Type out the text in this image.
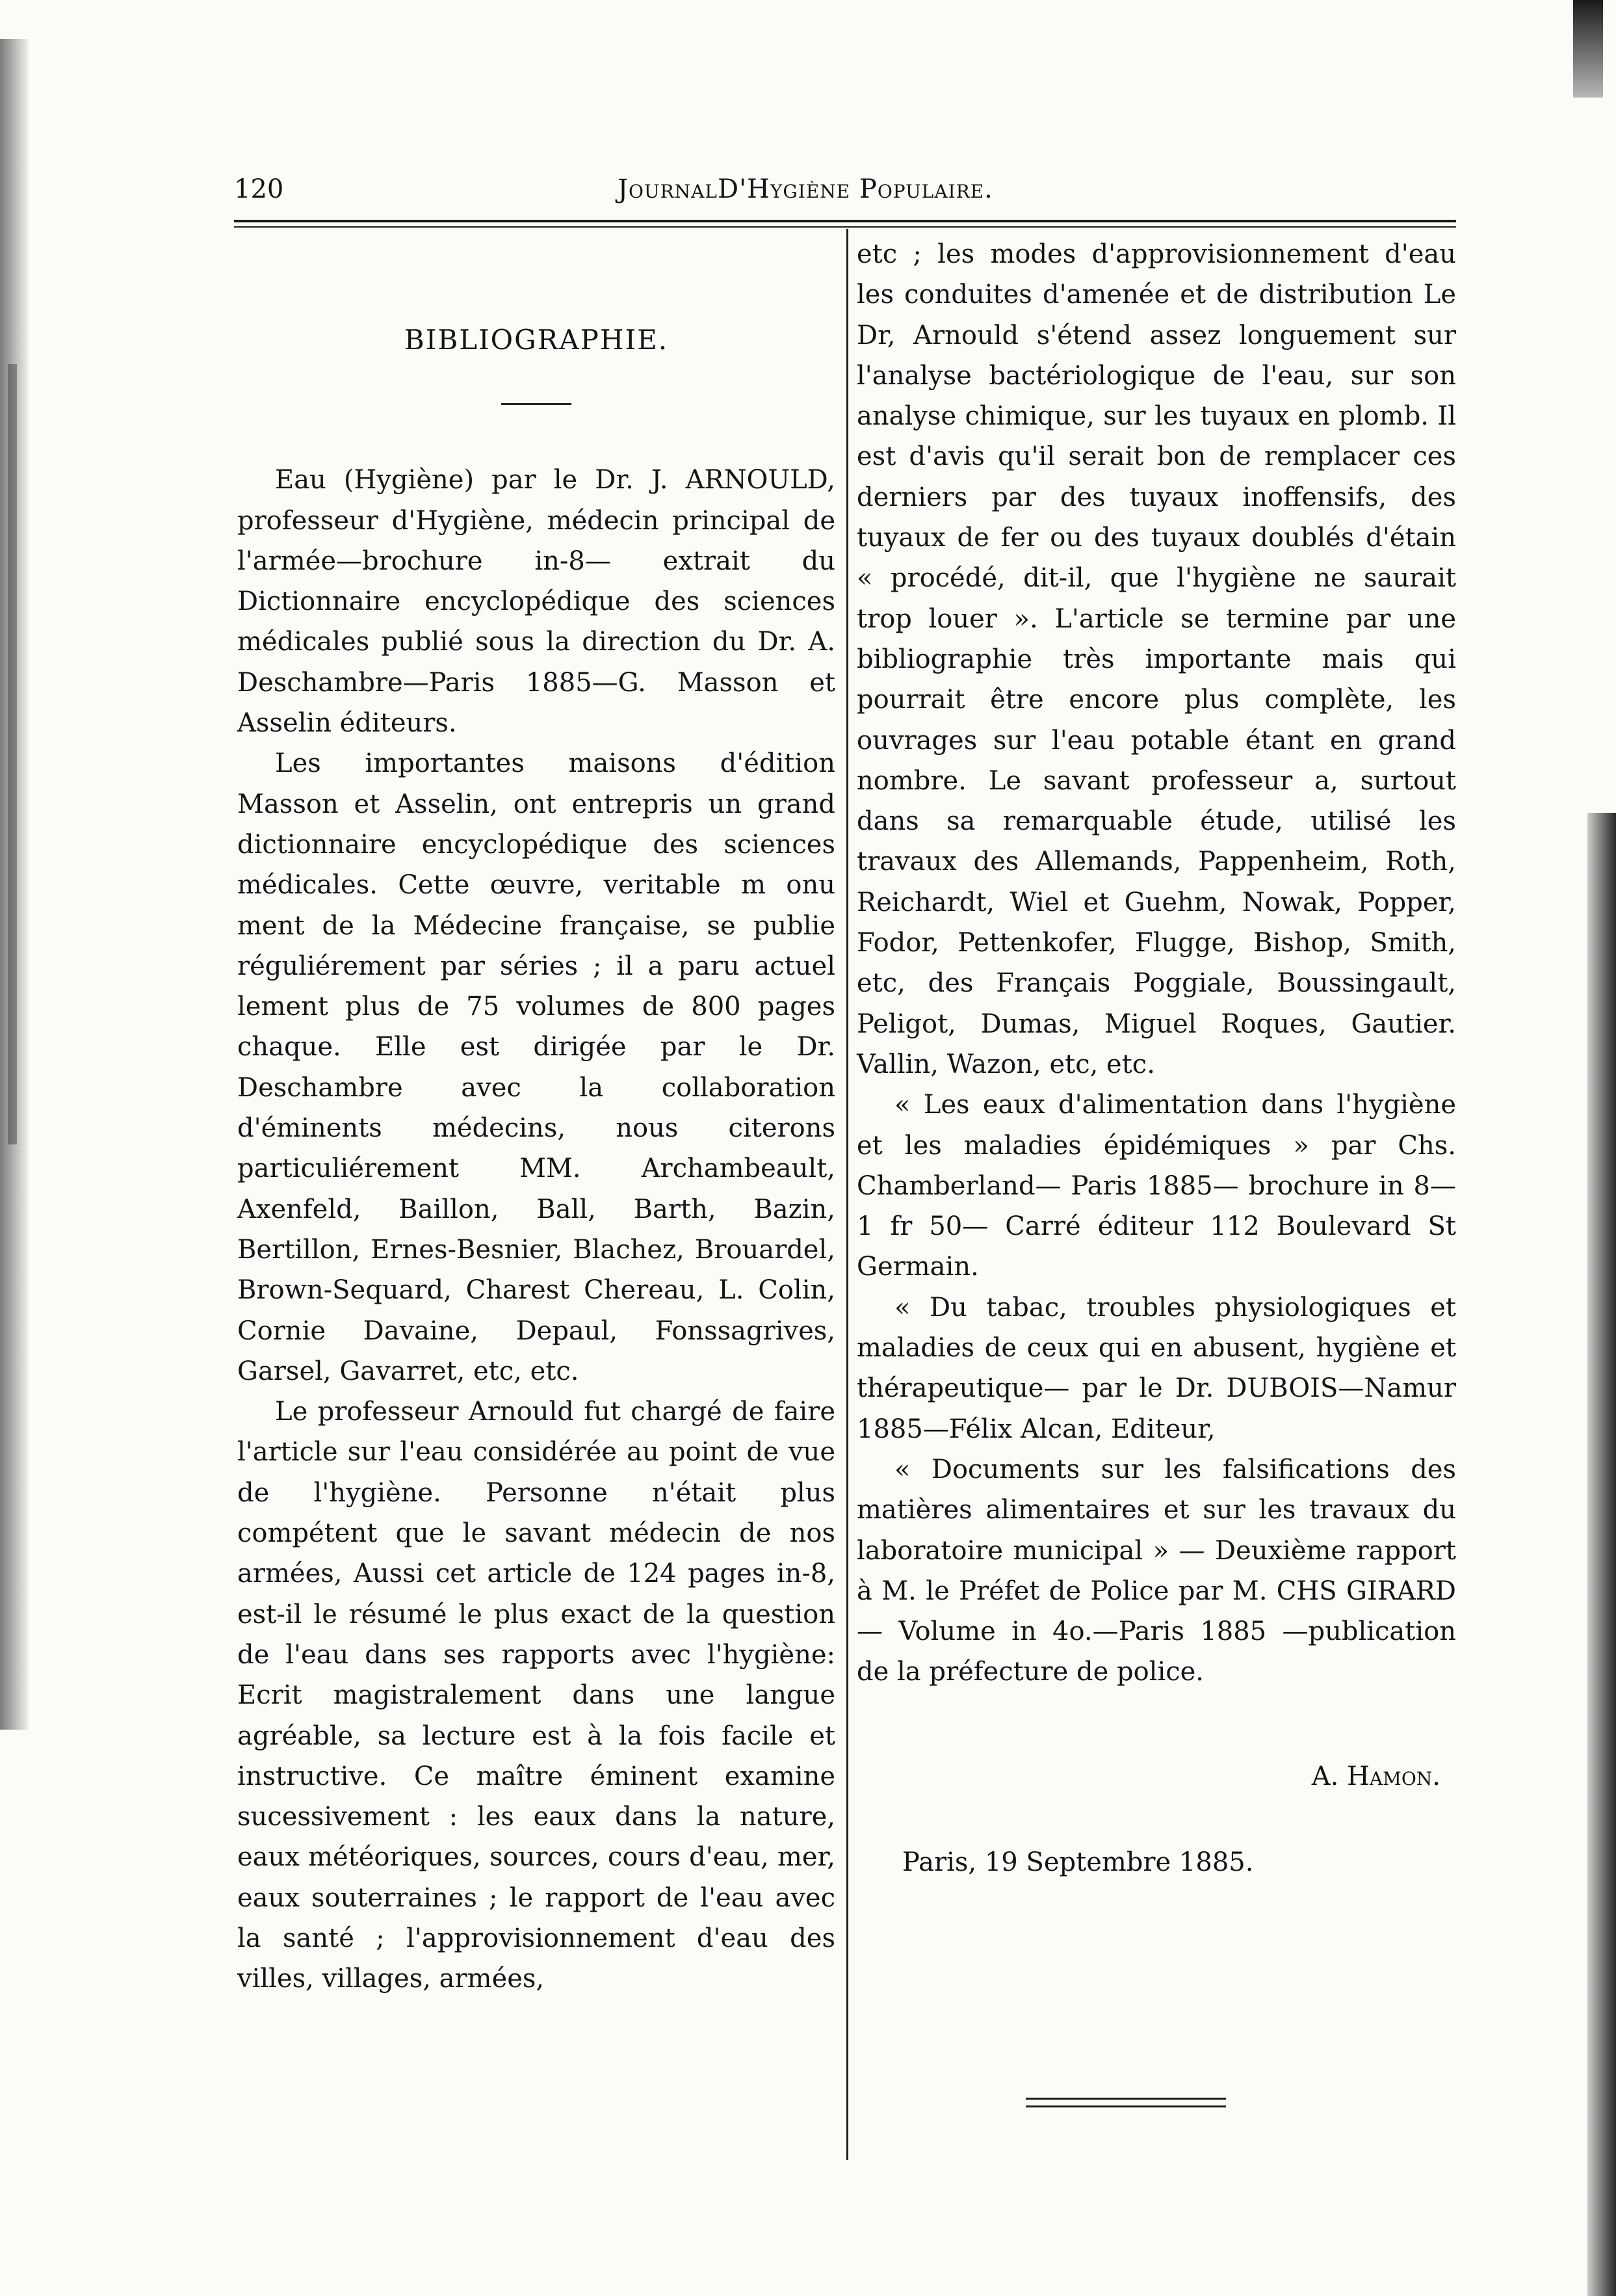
120	JournalD'Hygiène Populaire.
BIBLIOGRAPHIE.

Eau (Hygiène) par le Dr. J. ARNOULD, professeur d'Hygiène, médecin principal de l'armée—brochure in-8— extrait du Dictionnaire encyclopédique des sciences médicales publié sous la direction du Dr. A. Deschambre—Paris 1885—G. Masson et Asselin éditeurs.

Les importantes maisons d'édition Masson et Asselin, ont entrepris un grand dictionnaire encyclopédique des sciences médicales. Cette œuvre, veritable m onu ment de la Médecine française, se publie réguliérement par séries ; il a paru actuel lement plus de 75 volumes de 800 pages chaque. Elle est dirigée par le Dr. Deschambre avec la collaboration d'éminents médecins, nous citerons particuliérement MM. Archambeault, Axenfeld, Baillon, Ball, Barth, Bazin, Bertillon, Ernes-Besnier, Blachez, Brouardel, Brown-Sequard, Charest Chereau, L. Colin, Cornie Davaine, Depaul, Fonssagrives, Garsel, Gavarret, etc, etc.

Le professeur Arnould fut chargé de faire l'article sur l'eau considérée au point de vue de l'hygiène. Personne n'était plus compétent que le savant médecin de nos armées, Aussi cet article de 124 pages in-8, est-il le résumé le plus exact de la question de l'eau dans ses rapports avec l'hygiène: Ecrit magistralement dans une langue agréable, sa lecture est à la fois facile et instructive. Ce maître éminent examine sucessivement : les eaux dans la nature, eaux météoriques, sources, cours d'eau, mer, eaux souterraines ; le rapport de l'eau avec la santé ; l'approvisionnement d'eau des villes, villages, armées,

etc ; les modes d'approvisionnement d'eau les conduites d'amenée et de distribution Le Dr, Arnould s'étend assez longuement sur l'analyse bactériologique de l'eau, sur son analyse chimique, sur les tuyaux en plomb. Il est d'avis qu'il serait bon de remplacer ces derniers par des tuyaux inoffensifs, des tuyaux de fer ou des tuyaux doublés d'étain « procédé, dit-il, que l'hygiène ne saurait trop louer ». L'article se termine par une bibliographie très importante mais qui pourrait être encore plus complète, les ouvrages sur l'eau potable étant en grand nombre. Le savant professeur a, surtout dans sa remarquable étude, utilisé les travaux des Allemands, Pappenheim, Roth, Reichardt, Wiel et Guehm, Nowak, Popper, Fodor, Pettenkofer, Flugge, Bishop, Smith, etc, des Français Poggiale, Boussingault, Peligot, Dumas, Miguel Roques, Gautier. Vallin, Wazon, etc, etc.

« Les eaux d'alimentation dans l'hygiène et les maladies épidémiques » par Chs. Chamberland— Paris 1885— brochure in 8—1 fr 50— Carré éditeur 112 Boulevard St Germain.

« Du tabac, troubles physiologiques et maladies de ceux qui en abusent, hygiène et thérapeutique— par le Dr. DUBOIS—Namur 1885—Félix Alcan, Editeur,

« Documents sur les falsifications des matières alimentaires et sur les travaux du laboratoire municipal » — Deuxième rapport à M. le Préfet de Police par M. CHS GIRARD— Volume in 4o.—Paris 1885 —publication de la préfecture de police.

A. Hamon.
Paris, 19 Septembre 1885.
